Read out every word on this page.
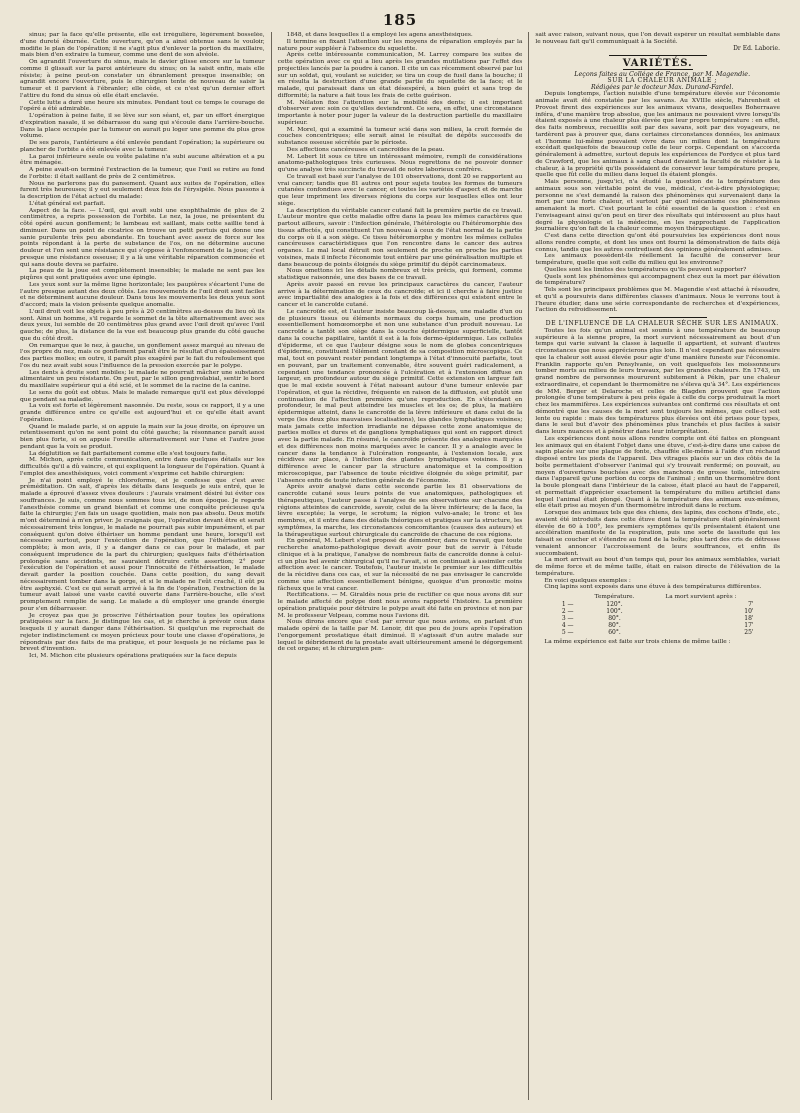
185

sinus; par la face qu'elle présente, elle est irrégulière, légèrement bosselée, d'une dureté éburnée. Cette ouverture, qu'on a ainsi obtenue sans le vouloir, modifie le plan de l'opération; il ne s'agit plus d'enlever la portion du maxillaire, mais bien d'en extraire la tumeur, comme une dent de son alvéole.

On agrandit l'ouverture du sinus, mais le davier glisse encore sur la tumeur comme il glissait sur la paroi antérieure du sinus; on la saisit enfin, mais elle résiste; à peine peut-on constater un ébranlement presque insensible; on agrandit encore l'ouverture, puis le chirurgien tente de nouveau de saisir la tumeur et il parvient à l'ébranler; elle cède, et ce n'est qu'un dernier effort l'attire du fond du sinus où elle était enclavée.

Cette lutte a duré une heure six minutes. Pendant tout ce temps le courage de l'opéré a été admirable.

L'opération à peine faite, il se lève sur son séant, et, par un effort énergique d'expiration nasale, il se débarrasse du sang qui s'écoule dans l'arrière-bouche. Dans la place occupée par la tumeur on aurait pu loger une pomme du plus gros volume.

De ses parois, l'antérieure a été enlevée pendant l'opération; la supérieure ou plancher de l'orbite a été enlevée avec la tumeur.

La paroi inférieure seule ou voûte palatine n'a subi aucune altération et a pu être ménagée.

A peine avait-on terminé l'extraction de la tumeur, que l'œil se retire au fond de l'orbite: il était saillant de près de 2 centimètres.

Nous ne parlerons pas du pansement. Quant aux suites de l'opération, elles furent très heureuses; il y eut seulement deux fois de l'érysipèle. Nous passons à la description de l'état actuel du malade:

L'état général est parfait.

Aspect de la face. — L'œil, qui avait subi une exophthalmie de plus de 2 centimètres, a repris possession de l'orbite. Le nez, la joue, ne présentent du côté opéré aucun gonflement; le lambeau est saillant, mais cette saillie tend à diminuer. Dans un point de cicatrice on trouve un petit pertuis qui donne une sanie purulente très peu abondante. En touchant avec assez de force sur les points répondant à la perte de substance de l'os, on ne détermine aucune douleur et l'on sent une résistance qui s'oppose à l'enfoncement de la joue; c'est presque une résistance osseuse; il y a là une véritable réparation commencée et qui sans doute devra se parfaire.

La peau de la joue est complètement insensible; le malade ne sent pas les piqûres qui sont pratiquées avec une épingle.

Les yeux sont sur la même ligne horizontale; les paupières s'écartent l'une de l'autre presque autant des deux côtés. Les mouvements de l'œil droit sont faciles et ne déterminent aucune douleur. Dans tous les mouvements les deux yeux sont d'accord; mais la vision présente quelque anomalie.

L'œil droit voit les objets à peu près à 20 centimètres au-dessus du lieu où ils sont. Ainsi un homme, s'il regarde le sommet de la tête alternativement avec ses deux yeux, lui semble de 20 centimètres plus grand avec l'œil droit qu'avec l'œil gauche; de plus, la distance de la vue est beaucoup plus grande du côté gauche que du côté droit.

On remarque que le nez, à gauche, un gonflement assez marqué au niveau de l'os propre du nez, mais ce gonflement paraît être le résultat d'un épaississement des parties molles; en outre, il paraît plus exagéré par le fait du refoulement que l'os du nez avait subi sous l'influence de la pression exercée par le polype.

Les dents à droite sont mobiles; le malade ne pourrait mâcher une substance alimentaire un peu résistante. On peut, par le sillon gengivolabial, sentir le bord du maxillaire supérieur qui a été scié, et le sommet de la racine de la canine.

Le sens du goût est obtus. Mais le malade remarque qu'il est plus développé que pendant sa maladie.

La voix est forte et légèrement nasonnée. Du reste, sous ce rapport, il y a une grande différence entre ce qu'elle est aujourd'hui et ce qu'elle était avant l'opération.

Quand le malade parle, si on appuie la main sur la joue droite, on éprouve un retentissement qu'on ne sent point du côté gauche; la résonnance paraît aussi bien plus forte, si on appuie l'oreille alternativement sur l'une et l'autre joue pendant que la voix se produit.

La déglutition se fait parfaitement comme elle s'est toujours faite.

M. Michon, après cette communication, entre dans quelques détails sur les difficultés qu'il a dû vaincre, et qui expliquent la longueur de l'opération. Quant à l'emploi des anesthésiques, voici comment s'exprime cet habile chirurgien:

Je n'ai point employé le chloroforme, et je confesse que c'est avec préméditation. On sait, d'après les détails dans lesquels je suis entré, que le malade a éprouvé d'assez vives douleurs : j'aurais vraiment désiré lui éviter ces souffrances. Je suis, comme nous sommes tous ici, de mon époque. Je regarde l'anesthésie comme un grand bienfait et comme une conquête précieuse qu'a faite la chirurgie; j'en fais un usage quotidien, mais non pas absolu. Deux motifs m'ont déterminé à m'en priver. Je craignais que, l'opération devant être et serait nécessairement très longue, le malade ne pourrait pas subir impunément, et par conséquent qu'on doive éthériser un homme pendant une heure, lorsqu'il est nécessaire surtout, pour l'exécution de l'opération, que l'éthérisation soit complète; à mon avis, il y a danger dans ce cas pour le malade, et par conséquent imprudence de la part du chirurgien; quelques faits d'éthérisation prolongée sans accidents, ne sauraient détruire cette assertion; 2° pour l'exécution de l'opération et aussi pour l'innocuité de l'éthérisation, le malade devait garder la position couchée. Dans cette position, du sang devait nécessairement tomber dans la gorge, et si le malade ne l'eût craché, il eût pu être asphyxié. C'est ce qui serait arrivé à la fin de l'opération, l'extraction de la tumeur avait laissé une vaste cavité ouverte dans l'arrière-bouche, elle s'est promptement remplie de sang. Le malade a dû employer une grande énergie pour s'en débarrasser.

Je croyez pas que je proscrive l'éthérisation pour toutes les opérations pratiquées sur la face. Je distingue les cas, et je cherche à prévoir ceux dans lesquels il y aurait danger dans l'éthérisation. Si quelqu'un me reprochait de rejeter indistinctement ce moyen précieux pour toute une classe d'opérations, je répondrais par des faits de ma pratique, et pour lesquels je ne réclame pas le brevet d'invention.

Ici, M. Michon cite plusieurs opérations pratiquées sur la face depuis

1848, et dans lesquelles il a employé les agens anesthésiques.

Il termine en fixant l'attention sur les moyens de réparation employés par la nature pour suppléer à l'absence du squelette.

Après cette intéressante communication, M. Larrey compare les suites de cette opération avec ce qui a lieu après les grandes mutilations par l'effet des projectiles lancés par la poudre à canon. Il cite un cas récemment observé par lui sur un soldat, qui, voulant se suicider, se tira un coup de fusil dans la bouche; il en résulta la destruction d'une grande partie du squelette de la face; et le malade, qui paraissait dans un état désespéré, a bien guéri et sans trop de difformité; la nature a fait tous les frais de cette guérison.

M. Nélaton fixe l'attention sur la mobilité des dents; il est important d'observer avec soin ce qu'elles deviendront. Ce sera, en effet, une circonstance importante à noter pour juger la valeur de la destruction partielle du maxillaire supérieur.

M. Morel, qui a examiné la tumeur scié dans son milieu, la croit formée de couches concentriques; elle serait ainsi le résultat de dépôts successifs de substance osseuse sécrétée par le périoste.

Des affections cancéreuses et cancroïdes de la peau.

M. Lebert lit sous ce titre un intéressant mémoire, rempli de considérations anatomo-pathologiques très curieuses. Nous regrettons de ne pouvoir donner qu'une analyse très succincte du travail de notre laborieux confrère.

Ce travail est basé sur l'analyse de 101 observations, dont 20 se rapportent au vrai cancer; tandis que 81 autres ont pour sujets toutes les formes de tumeurs cutanées confondues avec le cancer, et toutes les variétés d'aspect et de marche que leur impriment les diverses régions du corps sur lesquelles elles ont leur siège.

La description du véritable cancer cutané fait la première partie de ce travail. L'auteur montre que cette maladie offre dans la peau les mêmes caractères que partout ailleurs, savoir : l'infection générale, l'hétérologie ou l'hétéromorphie des tissus affectés, qui constituent l'un nouveau à ceux de l'état normal de la partie du corps où il a son siège. Ce tissu hétéromorphe y montre les mêmes cellules cancéreuses caractéristiques que l'on rencontre dans le cancer des autres organes. Le mal local détruit non seulement de proche en proche les parties voisines, mais il infecte l'économie tout entière par une généralisation multiple et dans beaucoup de points éloignés du siège primitif du dépôt carcinomateux.

Nous omettons ici les détails nombreux et très précis, qui forment, comme statistique raisonnée, une des bases de ce travail.

Après avoir passé en revue les principaux caractères du cancer, l'auteur arrive à la détermination de ceux du cancroïde; et ici il cherche à faire justice avec impartialité des analogies à la fois et des différences qui existent entre le cancer et le cancroïde cutané.

Le cancroïde est, et l'auteur insiste beaucoup là-dessus, une maladie d'un ou de plusieurs tissus ou éléments normaux du corps humain, une production essentiellement homœomorphe et non une substance d'un produit nouveau. Le cancroïde a tantôt son siège dans la couche épidermique superficielle, tantôt dans la couche papillaire, tantôt il est à la fois dermo-épidermique. Les cellules d'épiderme, et ce que l'auteur désigne sous le nom de globes concentriques d'épiderme, constituent l'élément constant de sa composition microscopique. Ce mal, tout en pouvant rester pendant longtemps à l'état d'innocuité parfaite, tout en pouvant, par un traitement convenable, être souvent guéri radicalement, a cependant une tendance prononcée à l'ulcération et à l'extension diffuse en largeur, en profondeur autour du siège primitif. Cette extension en largeur fait que le mal existe souvent à l'état naissant autour d'une tumeur enlevée par l'opération, et que la récidive, fréquente en raison de la diffusion, est plutôt une continuation de l'affection première qu'une reproduction. En s'étendant en profondeur, le mal peut atteindre les muscles et les os; de plus, la matière épidermique atteint, dans le cancroïde de la lèvre inférieure et dans celui de la verge (les deux plus mauvaises localisations), les glandes lymphatiques voisines; mais jamais cette infection irradiante ne dépasse cette zone anatomique de parties molles et dures et de ganglions lymphatiques qui sont en rapport direct avec la partie malade. En résumé, le cancroïde présente des analogies marquées et des différences non moins marquées avec le cancer. Il y a analogie avec le cancer dans la tendance à l'ulcération rongeante, à l'extension locale, aux récidives sur place, à l'infection des glandes lymphatiques voisines. Il y a différence avec le cancer par la structure anatomique et la composition microscopique, par l'absence de toute récidive éloignée du siège primitif, par l'absence enfin de toute infection générale de l'économie.

Après avoir analysé dans cette seconde partie les 81 observations de cancroïde cutané sous leurs points de vue anatomiques, pathologiques et thérapeutiques, l'auteur passe à l'analyse de ses observations sur chacune des régions atteintes de cancroïde, savoir, celui de la lèvre inférieure; de la face, la lèvre exceptée; la verge, le scrotum; la région vulvo-anale; le tronc et les membres, et il entre dans des détails théoriques et pratiques sur la structure, les symptômes, la marche, les circonstances concomitantes (causes des auteurs) et la thérapeutique surtout chirurgicale du cancroïde de chacune de ces régions.

En général, M. Lebert s'est proposé de démontrer, dans ce travail, que toute recherche anatomo-pathologique devait avoir pour but de servir à l'étude clinique et à la pratique, l'analyse de nombreux faits de cancroïde donne à celui-ci un plus bel avenir chirurgical qu'il ne l'avait, si on continuait à assimiler cette affection avec le cancer. Toutefois, l'auteur insiste le premier sur les difficultés de la récidive dans ces cas, et sur la nécessité de ne pas envisager le cancroïde comme une affection essentiellement bénigne, quoique d'un pronostic moins fâcheux que le vrai cancer.

Rectifications. — M. Giraldès nous prie de rectifier ce que nous avons dit sur le malade affecté de polype dont nous avons rapporté l'histoire. La première opération pratiquée pour détruire le polype avait été faite en province et non par M. le professeur Velpeau, comme nous l'avions dit.

Nous dirons encore que c'est par erreur que nous avions, en parlant d'un malade opéré de la taille par M. Lenoir, dit que peu de jours après l'opération l'engorgement prostatique était diminué. Il s'agissait d'un autre malade sur lequel le débridement de la prostate avait ultérieurement amené le dégorgement de cet organe; et le chirurgien pen-

sait avec raison, suivant nous, que l'on devait espérer un résultat semblable dans le nouveau fait qu'il communiquait à la Société.

Dr Ed. Laborie.

VARIÉTÉS.

Leçons faites au Collége de France, par M. Magendie.

SUR LA CHALEUR ANIMALE ;

Rédigées par le docteur Max. Durand-Fardel.

Depuis longtemps, l'action nuisible d'une température élevée sur l'économie animale avait été constatée par les savans. Au XVIIIe siècle, Fahrenheit et Provost firent des expériences sur les animaux vivans, desquelles Boherraave inféra, d'une manière trop absolue, que les animaux ne pouvaient vivre lorsqu'ils étaient exposés à une chaleur plus élevée que leur propre température : en effet, des faits nombreux, recueillis soit par des savans, soit par des voyageurs, ne tardèrent pas à prouver que, dans certaines circonstances données, les animaux et l'homme lui-même pouvaient vivre dans un milieu dont la température excédait quelquefois de beaucoup celle de leur corps. Cependant on s'accorda généralement à admettre, surtout depuis les expériences de Fordyce et plus tard de Crawford, que les animaux à sang chaud devaient la faculté de résister à la chaleur, à la propriété qu'ils possédaient de conserver leur température propre, quelle que fût celle du milieu dans lequel ils étaient plongés.

Mais personne, jusqu'ici, n'a étudié la question de la température des animaux sous son véritable point de vue, médical, c'est-à-dire physiologique; personne ne s'est demandé la raison des phénomènes qui survenaient dans la mort par une forte chaleur, et surtout par quel mécanisme ces phénomènes amenaient la mort. C'est pourtant le côté essentiel de la question : c'est en l'envisageant ainsi qu'on peut en tirer des résultats qui intéressent au plus haut degré la physiologie et la médecine, en les rapprochant de l'application journalière qu'on fait de la chaleur comme moyen thérapeutique.

C'est dans cette direction qu'ont été poursuivies les expériences dont nous allons rendre compte, et dont les unes ont fourni la démonstration de faits déjà connus, tandis que les autres contredisent des opinions généralement admises.

Les animaux possèdent-ils réellement la faculté de conserver leur température, quelle que soit celle du milieu qui les environne?

Quelles sont les limites des températures qu'ils peuvent supporter?

Quels sont les phénomènes qui accompagnent chez eux la mort par élévation de température?

Tels sont les principaux problèmes que M. Magendie s'est attaché à résoudre, et qu'il a poursuivis dans différentes classes d'animaux. Nous le verrons tout à l'heure étudier, dans une série correspondante de recherches et d'expériences, l'action du refroidissement.

DE L'INFLUENCE DE LA CHALEUR SÈCHE SUR LES ANIMAUX.

Toutes les fois qu'un animal est soumis à une température de beaucoup supérieure à la sienne propre, la mort survient nécessairement au bout d'un temps qui varie suivant la classe à laquelle il appartient, et suivant d'autres circonstances que nous apprécierons plus loin. Il n'est cependant pas nécessaire que la chaleur soit aussi élevée pour agir d'une manière funeste sur l'économie. Franklin rapporte qu'en Pensylvanie, on voit quelquefois les moissonneurs tomber morts au milieu de leurs travaux, par les grandes chaleurs. En 1743, un grand nombre de personnes moururent subitement à Pékin, par une chaleur extraordinaire, et cependant le thermomètre ne s'éleva qu'à 34°. Les expériences de MM. Berger et Delaroche et celles de Blagden prouvent que l'action prolongée d'une température à peu près égale à celle du corps produirait la mort chez les mammifères. Les expériences suivantes ont confirmé ces résultats et ont démontré que les causes de la mort sont toujours les mêmes, que celle-ci soit lente ou rapide : mais des températures plus élevées ont été prises pour types, dans le seul but d'avoir des phénomènes plus tranchés et plus faciles à saisir dans leurs nuances et à pénétrer dans leur interprétation.

Les expériences dont nous allons rendre compte ont été faites en plongeant les animaux qui en étaient l'objet dans une étuve, c'est-à-dire dans une caisse de sapin placée sur une plaque de fonte, chauffée elle-même à l'aide d'un réchaud disposé entre les pieds de l'appareil. Des vitrages placés sur un des côtés de la boîte permettaient d'observer l'animal qui s'y trouvait renfermé; on pouvait, au moyen d'ouvertures bouchées avec des manchons de grosse toile, introduire dans l'appareil qu'une portion du corps de l'animal ; enfin un thermomètre dont la boule plongeait dans l'intérieur de la caisse, était placé au haut de l'appareil, et permettait d'apprécier exactement la température du milieu artificiel dans lequel l'animal était plongé. Quant à la température des animaux eux-mêmes, elle était prise au moyen d'un thermomètre introduit dans le rectum.

Lorsque des animaux tels que des chiens, des lapins, des cochons d'Inde, etc., avaient été introduits dans cette étuve dont la température était généralement élevée de 60 à 100°, les premiers symptômes qu'ils présentaient étaient une accélération manifeste de la respiration, puis une sorte de lassitude qui les faisait se coucher et s'étendre au fond de la boîte; plus tard des cris de détresse venaient annoncer l'accroissement de leurs souffrances, et enfin ils succombaient.

La mort arrivait au bout d'un temps qui, pour les animaux semblables, variait de même force et de même taille, était en raison directe de l'élévation de la température.

En voici quelques exemples :

Cinq lapins sont exposés dans une étuve à des températures différentes.

	Température.	La mort survient après :
1 —	120°.	7'
2 —	100°.	10'
3 —	80°.	18'
4 —	80°.	17'
5 —	60°.	25'

La même expérience est faite sur trois chiens de même taille :
